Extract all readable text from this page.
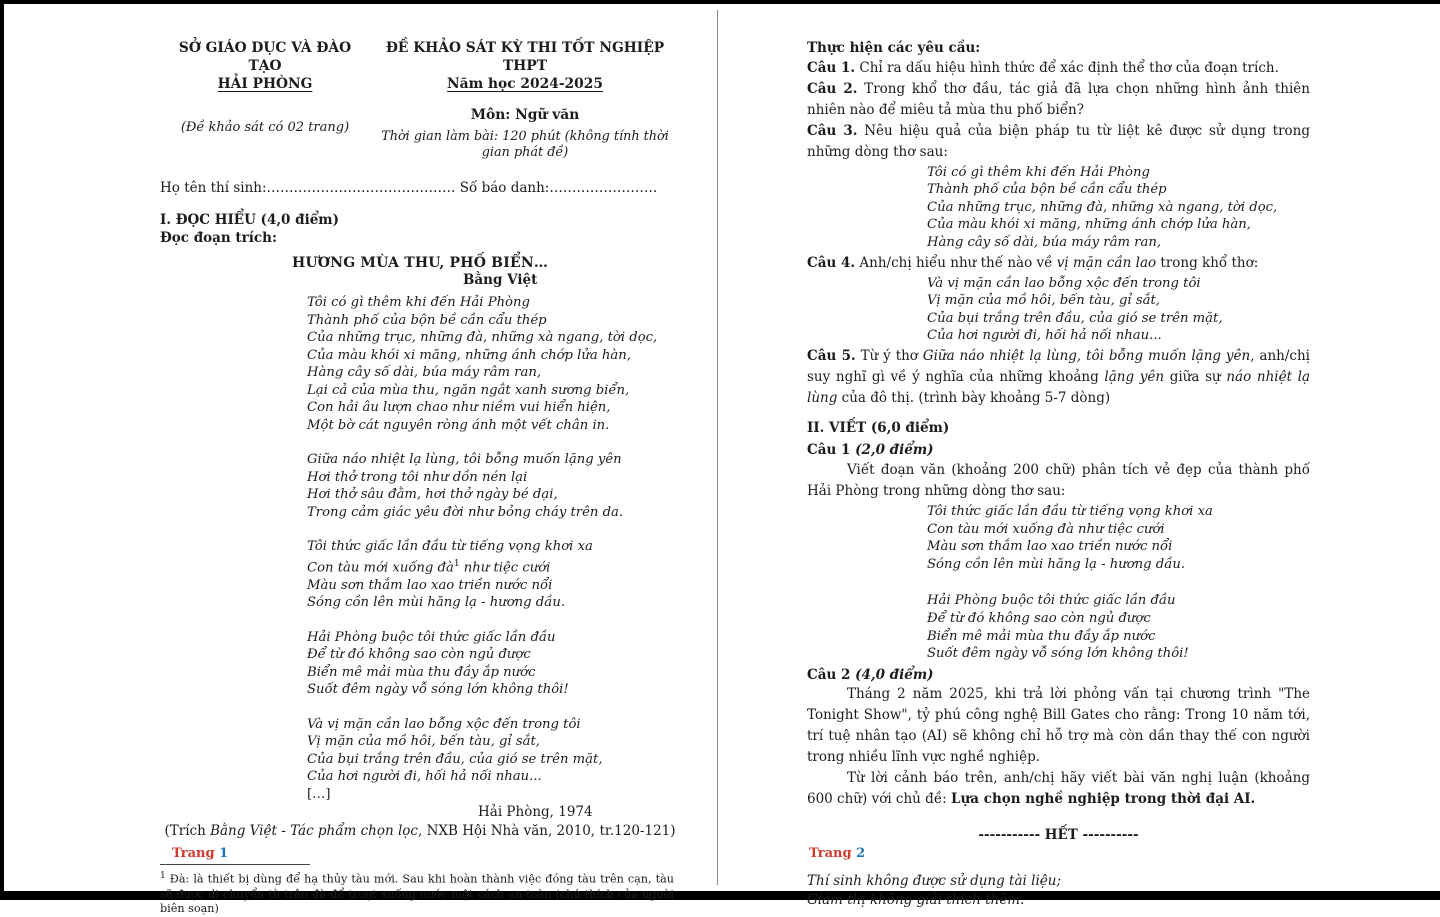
SỞ GIÁO DỤC VÀ ĐÀO TẠO
HẢI PHÒNG
(Đề khảo sát có 02 trang)
ĐỀ KHẢO SÁT KỲ THI TỐT NGHIỆP THPT
Năm học 2024-2025
Môn: Ngữ văn
Thời gian làm bài: 120 phút (không tính thời gian phát đề)
Họ tên thí sinh:…………………………………… Số báo danh:……………………
I. ĐỌC HIỂU (4,0 điểm)
Đọc đoạn trích:
HƯƠNG MÙA THU, PHỐ BIỂN…
Bằng Việt
Tôi có gì thêm khi đến Hải Phòng
Thành phố của bộn bề cần cẩu thép
Của những trục, những đà, những xà ngang, tời dọc,
Của màu khói xi măng, những ánh chớp lửa hàn,
Hàng cây số dài, búa máy râm ran,
Lại cả của mùa thu, ngăn ngắt xanh sương biển,
Con hải âu lượn chao như niềm vui hiển hiện,
Một bờ cát nguyên ròng ánh một vết chân in.
Giữa náo nhiệt lạ lùng, tôi bỗng muốn lặng yên
Hơi thở trong tôi như dồn nén lại
Hơi thở sâu đằm, hơi thở ngày bé dại,
Trong cảm giác yêu đời như bỏng cháy trên da.
Tôi thức giấc lần đầu từ tiếng vọng khơi xa
Con tàu mới xuống $đà^1$ như tiệc cưới
Màu sơn thắm lao xao triền nước nổi
Sóng cồn lên mùi hăng lạ - hương dầu.
Hải Phòng buộc tôi thức giấc lần đầu
Để từ đó không sao còn ngủ được
Biển mê mải mùa thu đầy ắp nước
Suốt đêm ngày vỗ sóng lớn không thôi!
Và vị mặn cần lao bỗng xộc đến trong tôi
Vị mặn của mồ hôi, bến tàu, gỉ sắt,
Của bụi trắng trên đầu, của gió se trên mặt,
Của hơi người đi, hối hả nối nhau...
[…]
Hải Phòng, 1974
(Trích Bằng Việt - Tác phẩm chọn lọc, NXB Hội Nhà văn, 2010, tr.120-121)
$^1$ Đà: là thiết bị dùng để hạ thủy tàu mới. Sau khi hoàn thành việc đóng tàu trên cạn, tàu sẽ được di chuyển từ trên đà để trượt xuống nước một cách an toàn (chú thích của người biên soạn)
Trang 1
Thực hiện các yêu cầu:

Câu 1. Chỉ ra dấu hiệu hình thức để xác định thể thơ của đoạn trích.

Câu 2. Trong khổ thơ đầu, tác giả đã lựa chọn những hình ảnh thiên nhiên nào để miêu tả mùa thu phố biển?

Câu 3. Nêu hiệu quả của biện pháp tu từ liệt kê được sử dụng trong những dòng thơ sau:

Tôi có gì thêm khi đến Hải Phòng
Thành phố của bộn bề cần cẩu thép
Của những trục, những đà, những xà ngang, tời dọc,
Của màu khói xi măng, những ánh chớp lửa hàn,
Hàng cây số dài, búa máy râm ran,

Câu 4. Anh/chị hiểu như thế nào về vị mặn cần lao trong khổ thơ:

Và vị mặn cần lao bỗng xộc đến trong tôi
Vị mặn của mồ hôi, bến tàu, gỉ sắt,
Của bụi trắng trên đầu, của gió se trên mặt,
Của hơi người đi, hối hả nối nhau...

Câu 5. Từ ý thơ Giữa náo nhiệt lạ lùng, tôi bỗng muốn lặng yên, anh/chị suy nghĩ gì về ý nghĩa của những khoảng lặng yên giữa sự náo nhiệt lạ lùng của đô thị. (trình bày khoảng 5-7 dòng)

II. VIẾT (6,0 điểm)
Câu 1 (2,0 điểm)

Viết đoạn văn (khoảng 200 chữ) phân tích vẻ đẹp của thành phố Hải Phòng trong những dòng thơ sau:

Tôi thức giấc lần đầu từ tiếng vọng khơi xa
Con tàu mới xuống đà như tiệc cưới
Màu sơn thắm lao xao triền nước nổi
Sóng cồn lên mùi hăng lạ - hương dầu.
Hải Phòng buộc tôi thức giấc lần đầu
Để từ đó không sao còn ngủ được
Biển mê mải mùa thu đầy ắp nước
Suốt đêm ngày vỗ sóng lớn không thôi!
Câu 2 (4,0 điểm)

Tháng 2 năm 2025, khi trả lời phỏng vấn tại chương trình "The Tonight Show", tỷ phú công nghệ Bill Gates cho rằng: Trong 10 năm tới, trí tuệ nhân tạo (AI) sẽ không chỉ hỗ trợ mà còn dần thay thế con người trong nhiều lĩnh vực nghề nghiệp.

Từ lời cảnh báo trên, anh/chị hãy viết bài văn nghị luận (khoảng 600 chữ) với chủ đề: Lựa chọn nghề nghiệp trong thời đại AI.

----------- HẾT ----------
Thí sinh không được sử dụng tài liệu;
Giám thị không giải thích thêm.
Trang 2
